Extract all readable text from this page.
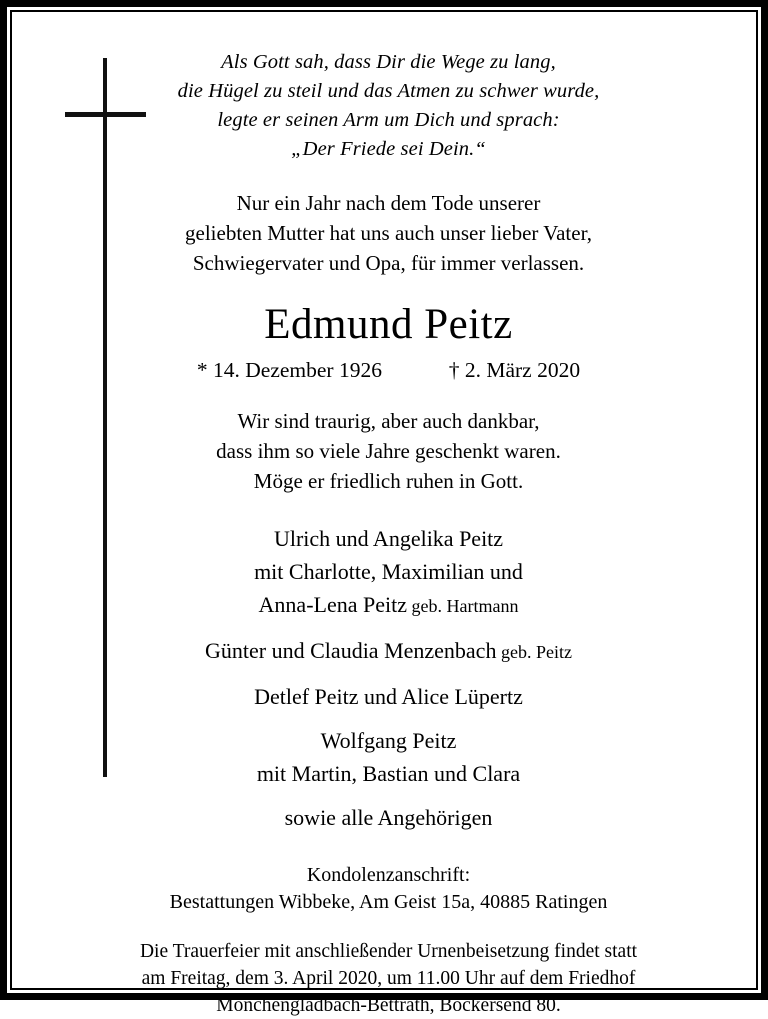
Als Gott sah, dass Dir die Wege zu lang,
die Hügel zu steil und das Atmen zu schwer wurde,
legte er seinen Arm um Dich und sprach:
„Der Friede sei Dein.“
Nur ein Jahr nach dem Tode unserer
geliebten Mutter hat uns auch unser lieber Vater,
Schwiegervater und Opa, für immer verlassen.
Edmund Peitz
* 14. Dezember 1926	† 2. März 2020
Wir sind traurig, aber auch dankbar,
dass ihm so viele Jahre geschenkt waren.
Möge er friedlich ruhen in Gott.
Ulrich und Angelika Peitz
mit Charlotte, Maximilian und
Anna-Lena Peitz geb. Hartmann
Günter und Claudia Menzenbach geb. Peitz
Detlef Peitz und Alice Lüpertz
Wolfgang Peitz
mit Martin, Bastian und Clara
sowie alle Angehörigen
Kondolenzanschrift:
Bestattungen Wibbeke, Am Geist 15a, 40885 Ratingen
Die Trauerfeier mit anschließender Urnenbeisetzung findet statt
am Freitag, dem 3. April 2020, um 11.00 Uhr auf dem Friedhof
Mönchengladbach-Bettrath, Bockersend 80.
